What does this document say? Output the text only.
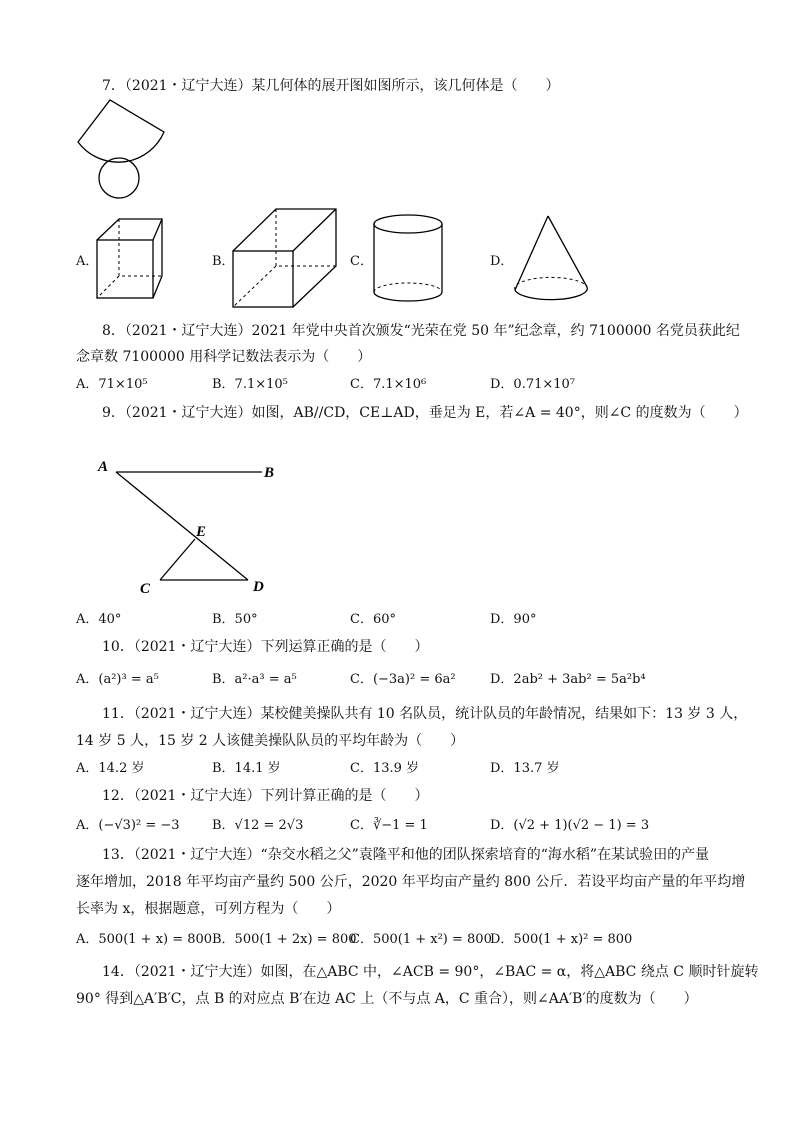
7．（2021・辽宁大连）某几何体的展开图如图所示，该几何体是（　　）
A．	B．	C．	D．
8．（2021・辽宁大连）2021 年党中央首次颁发“光荣在党 50 年”纪念章，约 7100000 名党员获此纪
念章数 7100000 用科学记数法表示为（　　）
A．71×10⁵	B．7.1×10⁵	C．7.1×10⁶	D．0.71×10⁷
9．（2021・辽宁大连）如图，AB//CD，CE⊥AD，垂足为 E，若∠A = 40°，则∠C 的度数为（　　）
A	B
E
C	D
A．40°	B．50°	C．60°	D．90°
10．（2021・辽宁大连）下列运算正确的是（　　）
A．(a²)³ = a⁵	B．a²·a³ = a⁵	C．(−3a)² = 6a²	D．2ab² + 3ab² = 5a²b⁴
11．（2021・辽宁大连）某校健美操队共有 10 名队员，统计队员的年龄情况，结果如下：13 岁 3 人，
14 岁 5 人，15 岁 2 人该健美操队队员的平均年龄为（　　）
A．14.2 岁	B．14.1 岁	C．13.9 岁	D．13.7 岁
12．（2021・辽宁大连）下列计算正确的是（　　）
A．(−√3)² = −3 B．√12 = 2√3	C．∛−1 = 1	D．(√2 + 1)(√2 − 1) = 3
13．（2021・辽宁大连）“杂交水稻之父”袁隆平和他的团队探索培育的“海水稻”在某试验田的产量
逐年增加，2018 年平均亩产量约 500 公斤，2020 年平均亩产量约 800 公斤．若设平均亩产量的年平均增
长率为 x，根据题意，可列方程为（　　）
A．500(1 + x) = 800 B．500(1 + 2x) = 800
C．500(1 + x²) = 800
D．500(1 + x)² = 800
14．（2021・辽宁大连）如图，在△ABC 中，∠ACB = 90°，∠BAC = α，将△ABC 绕点 C 顺时针旋转
90° 得到△A′B′C，点 B 的对应点 B′在边 AC 上（不与点 A，C 重合），则∠AA′B′的度数为（　　）
